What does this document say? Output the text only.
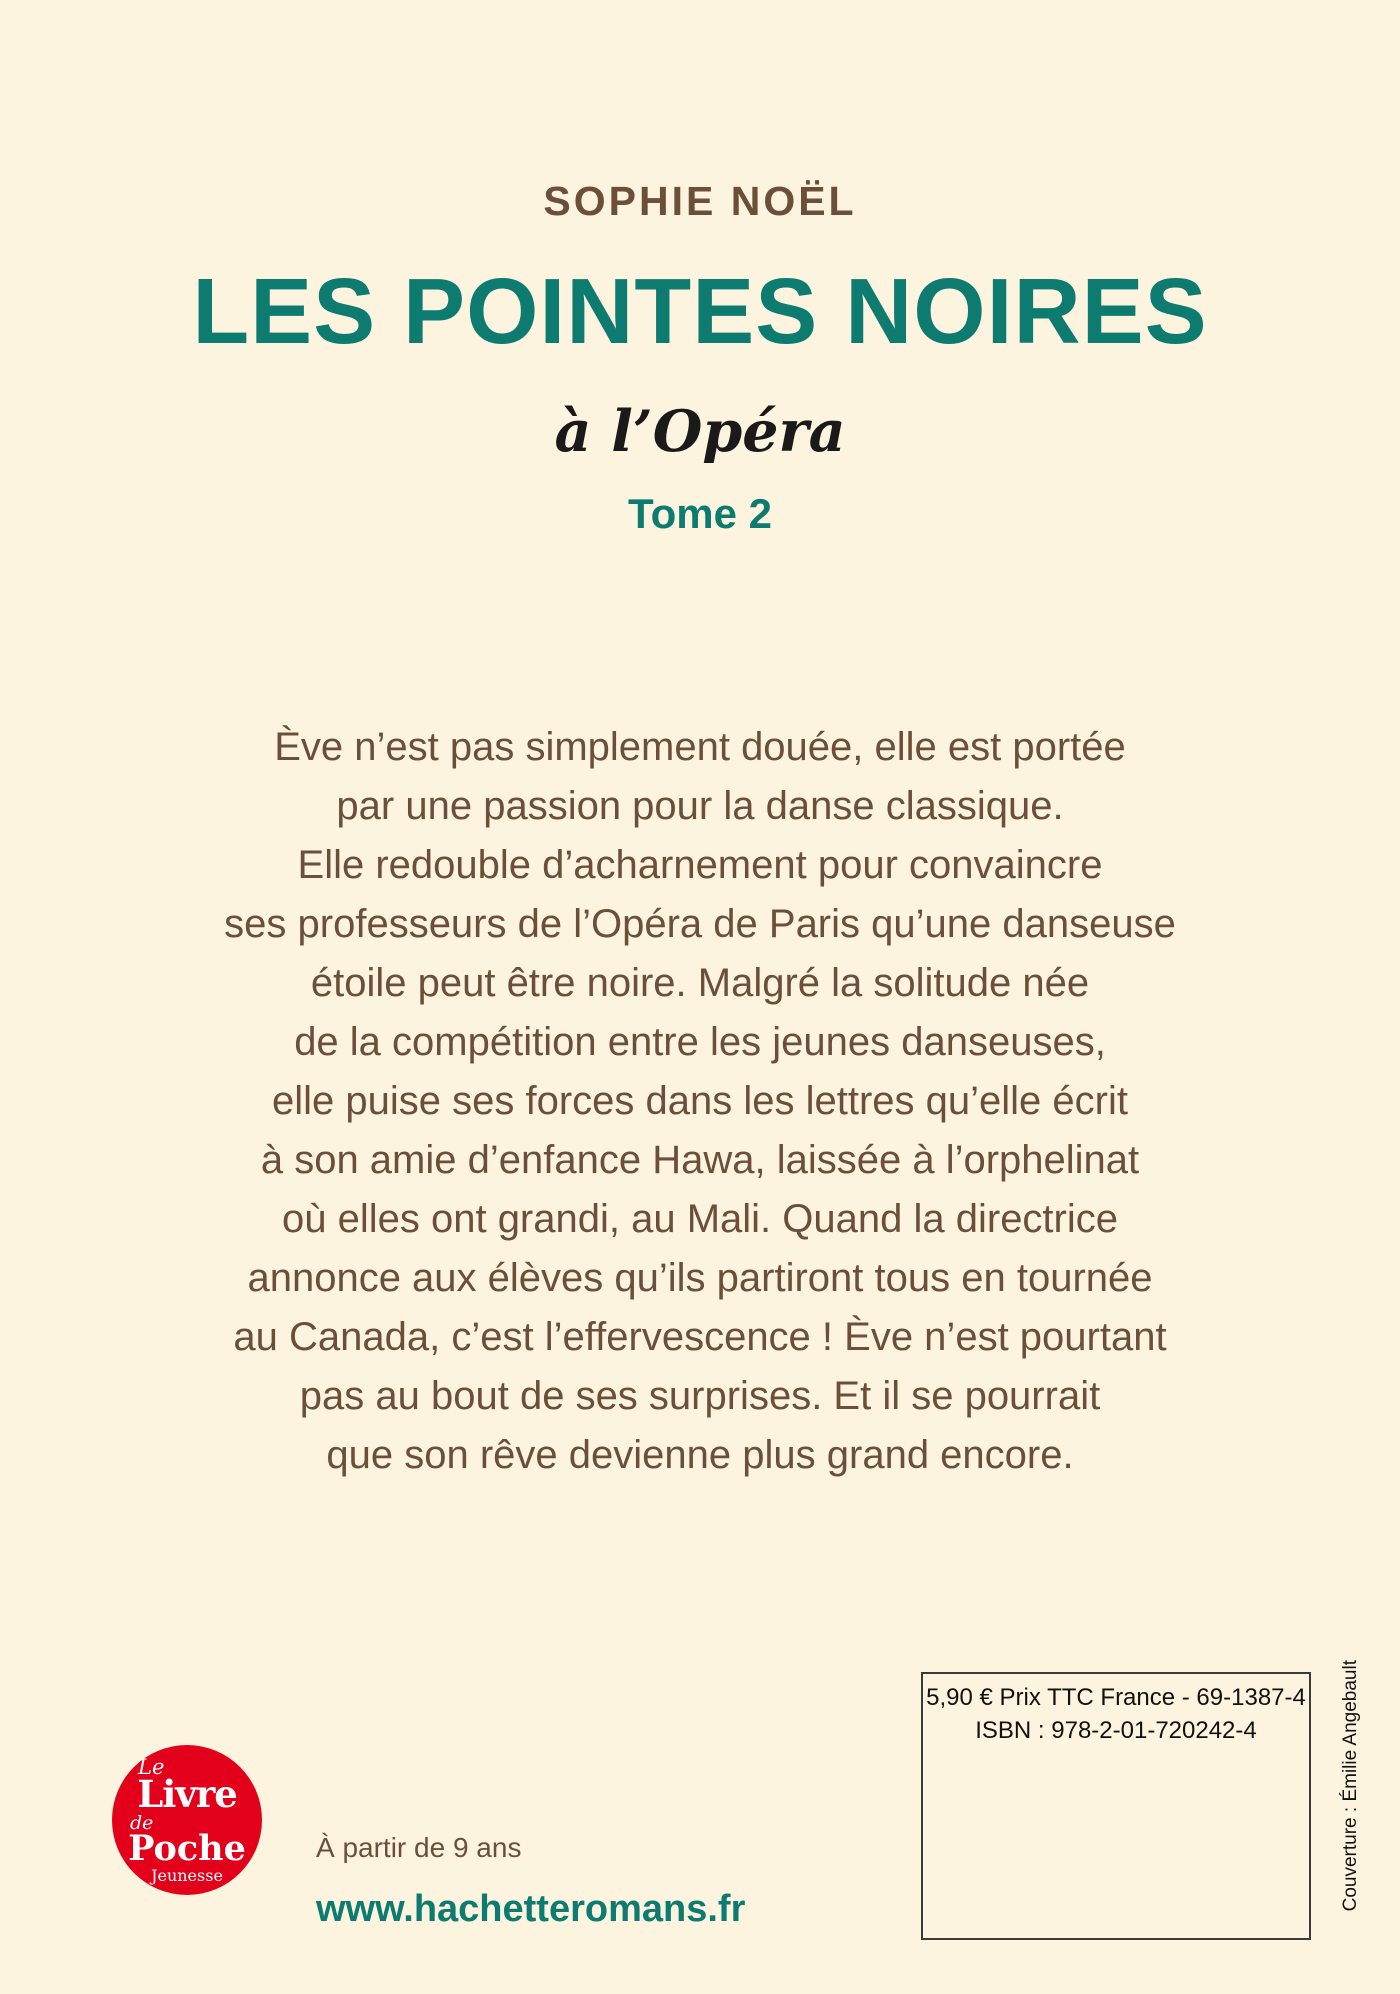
SOPHIE NOËL
LES POINTES NOIRES
à l’Opéra
Tome 2
Ève n’est pas simplement douée, elle est portée
par une passion pour la danse classique.
Elle redouble d’acharnement pour convaincre
ses professeurs de l’Opéra de Paris qu’une danseuse
étoile peut être noire. Malgré la solitude née
de la compétition entre les jeunes danseuses,
elle puise ses forces dans les lettres qu’elle écrit
à son amie d’enfance Hawa, laissée à l’orphelinat
où elles ont grandi, au Mali. Quand la directrice
annonce aux élèves qu’ils partiront tous en tournée
au Canada, c’est l’effervescence ! Ève n’est pourtant
pas au bout de ses surprises. Et il se pourrait
que son rêve devienne plus grand encore.
Le
Livre
de
Poche
Jeunesse
À partir de 9 ans
www.hachetteromans.fr
5,90 € Prix TTC France - 69-1387-4
ISBN : 978-2-01-720242-4	Couverture : Émilie Angebault
